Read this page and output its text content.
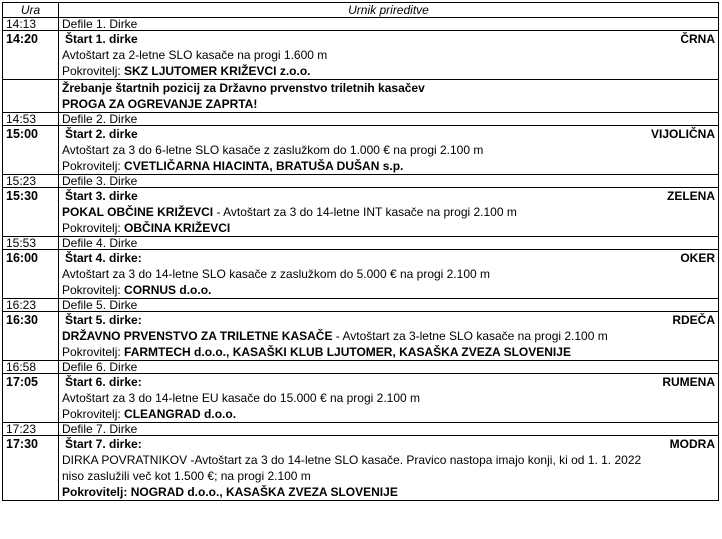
Ura	Urnik prireditve
14:13	Defile 1. Dirke
14:20	Štart 1. dirke ČRNA
Avtoštart za 2-letne SLO kasače na progi 1.600 m
Pokrovitelj: SKZ LJUTOMER KRIŽEVCI z.o.o.

	Žrebanje štartnih pozicij za Državno prvenstvo triletnih kasačev
PROGA ZA OGREVANJE ZAPRTA!

14:53	Defile 2. Dirke
15:00	Štart 2. dirke VIJOLIČNA
Avtoštart za 3 do 6-letne SLO kasače z zaslužkom do 1.000 € na progi 2.100 m
Pokrovitelj: CVETLIČARNA HIACINTA, BRATUŠA DUŠAN s.p.

15:23	Defile 3. Dirke
15:30	Štart 3. dirke ZELENA
POKAL OBČINE KRIŽEVCI - Avtoštart za 3 do 14-letne INT kasače na progi 2.100 m
Pokrovitelj: OBČINA KRIŽEVCI

15:53	Defile 4. Dirke
16:00	Štart 4. dirke: OKER
Avtoštart za 3 do 14-letne SLO kasače z zaslužkom do 5.000 € na progi 2.100 m
Pokrovitelj: CORNUS d.o.o.

16:23	Defile 5. Dirke
16:30	Štart 5. dirke: RDEČA
DRŽAVNO PRVENSTVO ZA TRILETNE KASAČE - Avtoštart za 3-letne SLO kasače na progi 2.100 m
Pokrovitelj: FARMTECH d.o.o., KASAŠKI KLUB LJUTOMER, KASAŠKA ZVEZA SLOVENIJE

16:58	Defile 6. Dirke
17:05	Štart 6. dirke: RUMENA
Avtoštart za 3 do 14-letne EU kasače do 15.000 € na progi 2.100 m
Pokrovitelj: CLEANGRAD d.o.o.

17:23	Defile 7. Dirke
17:30	Štart 7. dirke: MODRA
DIRKA POVRATNIKOV -Avtoštart za 3 do 14-letne SLO kasače. Pravico nastopa imajo konji, ki od 1. 1. 2022
niso zaslužili več kot 1.500 €; na progi 2.100 m
Pokrovitelj: NOGRAD d.o.o., KASAŠKA ZVEZA SLOVENIJE
